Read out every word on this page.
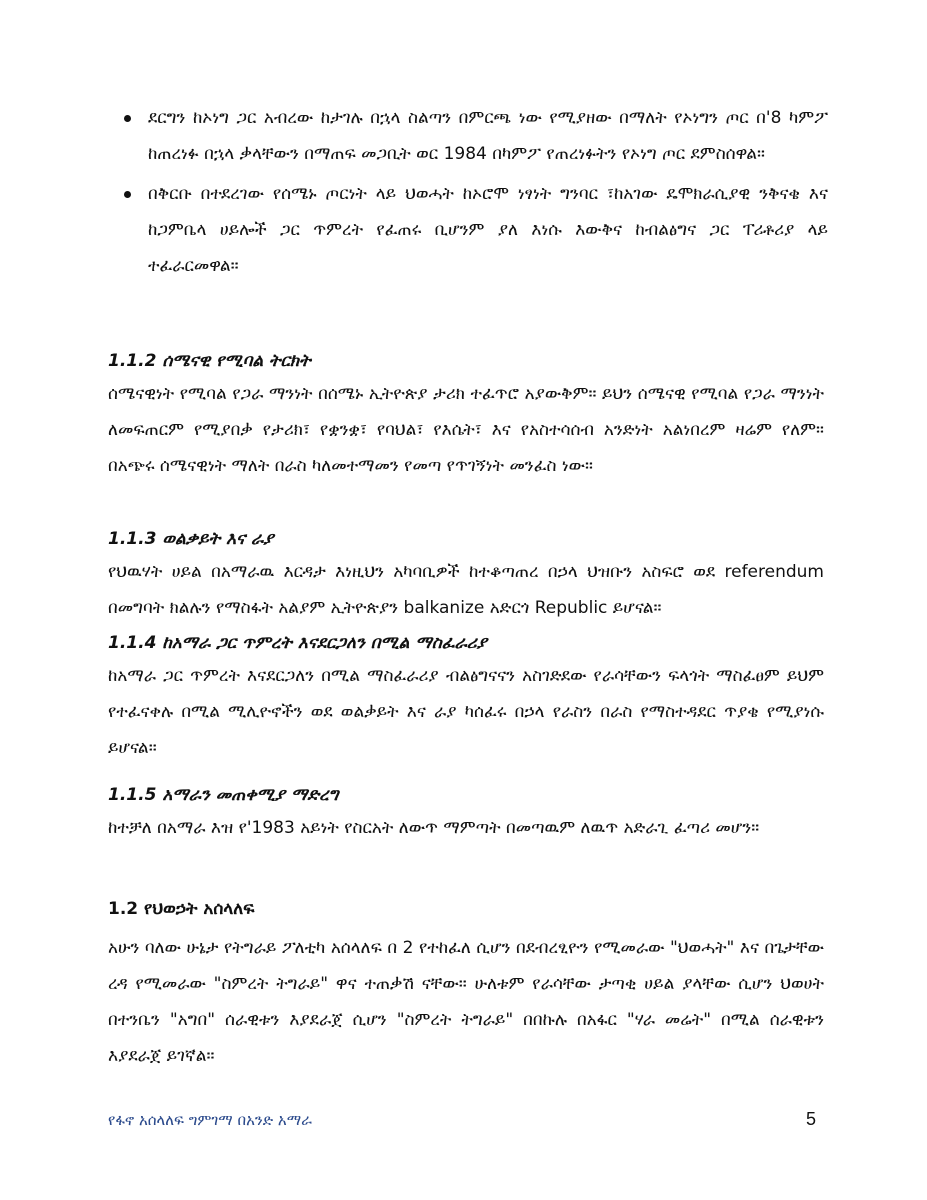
ደርግን ከኦነግ ጋር አብረው ከታገሉ በኋላ ስልጣን በምርጫ ነው የሚያዘው በማለት የኦነግን ጦር በ'8 ካምፖ ከጠረነፉ በኋላ ቃላቸውን በማጠፍ መጋቢት ወር 1984 በካምፖ የጠረነፉትን የኦነግ ጦር ደምስሰዋል።
በቅርቡ በተደረገው የሰሜኑ ጦርነት ላይ ህወሓት ከኦሮሞ ነፃነት ግንባር ፣ከአገው ዴሞክራሲያዊ ንቅናቄ እና ከጋምቤላ ሀይሎች ጋር ጥምረት የፈጠሩ ቢሆንም ያለ እነሱ እውቅና ከብልፅግና ጋር ፐሪቶሪያ ላይ ተፈራርመዋል።
1.1.2 ሰሜናዊ የሚባል ትርክት

ሰሜናዊነት የሚባል የጋራ ማንነት በሰሜኑ ኢትዮጵያ ታሪክ ተፈጥሮ አያውቅም። ይህን ሰሜናዊ የሚባል የጋራ ማንነት ለመፍጠርም የሚያበቃ የታሪክ፣ የቋንቋ፣ የባህል፣ የእሴት፣ እና የአስተሳሰብ አንድነት አልነበረም ዛሬም የለም። በአጭሩ ሰሜናዊነት ማለት በራስ ካለመተማመን የመጣ የጥገኝነት መንፈስ ነው።

1.1.3 ወልቃይት እና ራያ

የህዉሃት ሀይል በአማራዉ እርዳታ እነዚህን አካባቢዎች ከተቆጣጠረ በኃላ ህዝቡን አስፍሮ ወደ referendum በመግባት ክልሉን የማስፋት አልያም ኢትዮጵያን balkanize አድርጎ Republic ይሆናል።

1.1.4 ከአማራ ጋር ጥምረት እናደርጋለን በሚል ማስፈራሪያ

ከአማራ ጋር ጥምረት እናደርጋለን በሚል ማስፈራሪያ ብልፅግናናን አስገድደው የራሳቸውን ፍላጎት ማስፈፀም ይህም የተፈናቀሉ በሚል ሚሊዮኖችን ወደ ወልቃይት እና ራያ ካሰፈሩ በኃላ የራስን በራስ የማስተዳደር ጥያቄ የሚያነሱ ይሆናል።

1.1.5 አማራን መጠቀሚያ ማድረግ

ከተቻለ በአማራ እዝ የ'1983 አይነት የስርአት ለውጥ ማምጣት በመጣዉም ለዉጥ አድራጊ ፈጣሪ መሆን።

1.2 የህወኃት አሰላለፍ

አሁን ባለው ሁኔታ የትግራይ ፖለቲካ አሰላለፍ በ 2 የተከፈለ ሲሆን በደብረፂዮን የሚመራው "ህወሓት" እና በጌታቸው ረዳ የሚመራው "ስምረት ትግራይ" ዋና ተጠቃሽ ናቸው። ሁለቱም የራሳቸው ታጣቂ ሀይል ያላቸው ሲሆን ህወሀት በተንቤን "አግበ" ሰራዊቱን እያደራጀ ሲሆን "ስምረት ትግራይ" በበኩሉ በአፋር "ሃራ መሬት" በሚል ሰራዊቱን እያደራጀ ይገኛል።

የፋኖ አሰላለፍ ግምገማ በአንድ አማራ	5
